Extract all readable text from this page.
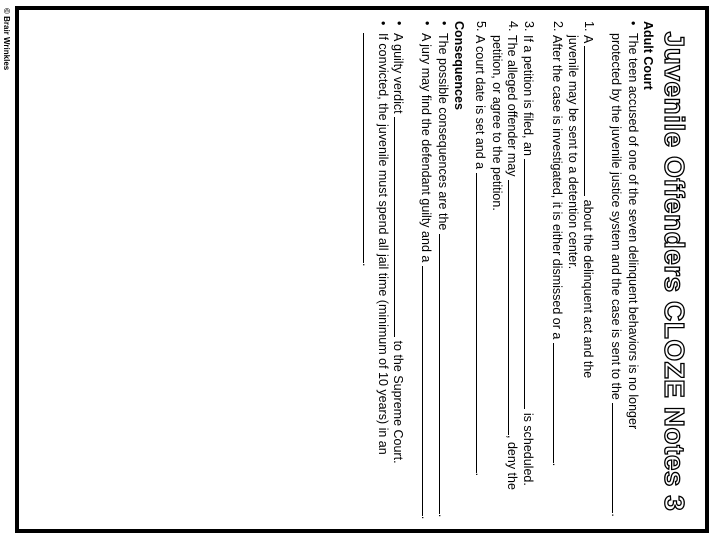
© Brair Wrinkles	Juvenile Offenders CLOZE Notes 3
Adult Court
•
The teen accused of one of the seven delinquent behaviors is no longer
protected by the juvenile justice system and the case is sent to the .
1.
A  about the delinquent act and the
juvenile may be sent to a detention center.
2.
After the case is investigated, it is either dismissed or a .
3.
If a petition is filed, an  is scheduled.
4.
The alleged offender may , deny the
petition, or agree to the petition.
5.
A court date is set and a .
Consequences
•
The possible consequences are the .
•
A jury may find the defendant guilty and a .
•
A guilty verdict  to the Supreme Court.
•
If convicted, the juvenile must spend all jail time (minimum of 10 years) in an
.
